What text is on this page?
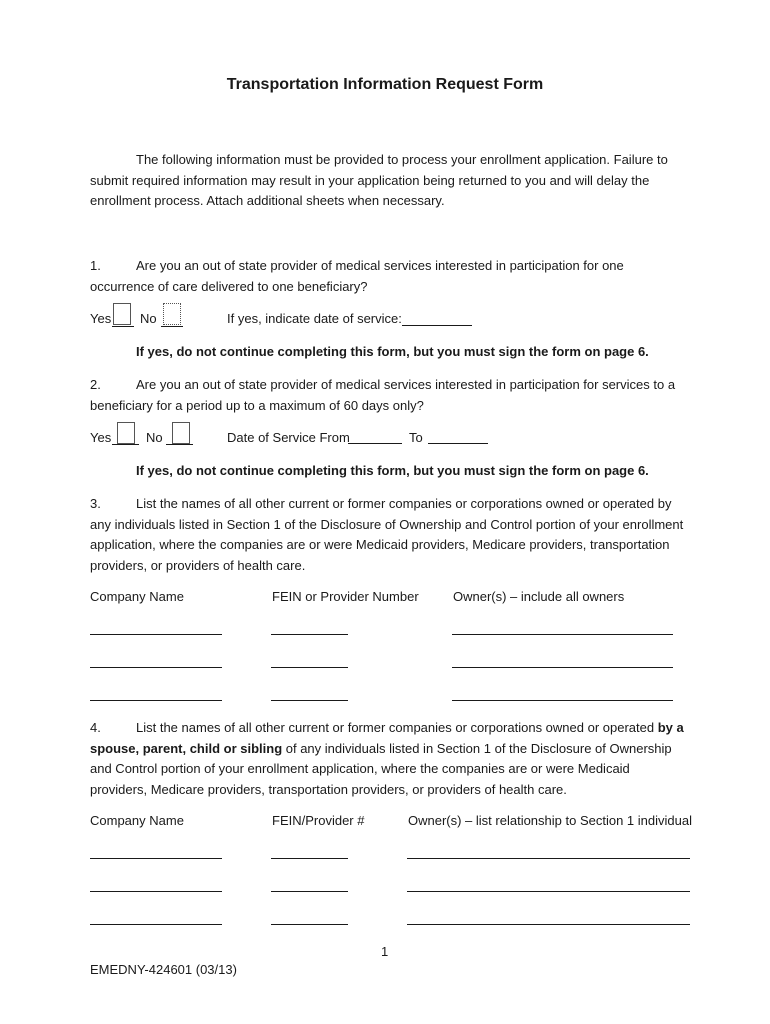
Transportation Information Request Form
The following information must be provided to process your enrollment application. Failure to submit required information may result in your application being returned to you and will delay the enrollment process. Attach additional sheets when necessary.
1.	Are you an out of state provider of medical services interested in participation for one occurrence of care delivered to one beneficiary?
Yes No	If yes, indicate date of service:
If yes, do not continue completing this form, but you must sign the form on page 6.
2.	Are you an out of state provider of medical services interested in participation for services to a beneficiary for a period up to a maximum of 60 days only?
Yes	No	Date of Service From	To
If yes, do not continue completing this form, but you must sign the form on page 6.
3.	List the names of all other current or former companies or corporations owned or operated by any individuals listed in Section 1 of the Disclosure of Ownership and Control portion of your enrollment application, where the companies are or were Medicaid providers, Medicare providers, transportation providers, or providers of health care.
Company Name	FEIN or Provider Number	Owner(s) – include all owners
4.	List the names of all other current or former companies or corporations owned or operated by a spouse, parent, child or sibling of any individuals listed in Section 1 of the Disclosure of Ownership and Control portion of your enrollment application, where the companies are or were Medicaid providers, Medicare providers, transportation providers, or providers of health care.
Company Name	FEIN/Provider #	Owner(s) – list relationship to Section 1 individual
1
EMEDNY-424601 (03/13)
